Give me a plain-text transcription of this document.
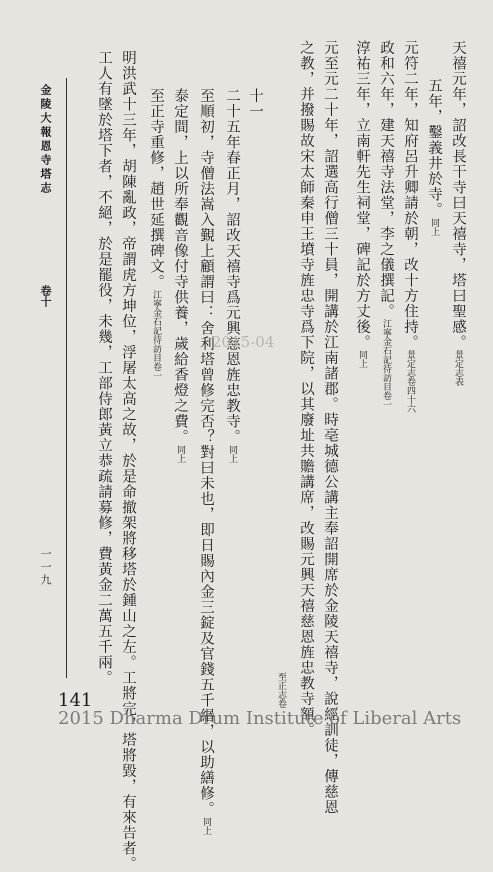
天禧元年，詔改長干寺曰天禧寺，塔曰聖感。景定志表
五年，鑿義井於寺。同上
元符二年，知府呂升卿請於朝，改十方住持。景定志卷四十六
政和六年，建天禧寺法堂，李之儀撰記。江寧金石記待訪目卷一
淳祐三年，立南軒先生祠堂，碑記於方丈後。同上
元至元二十年，詔選高行僧三十員，開講於江南諸郡。時亳城德公講主奉詔開席於金陵天禧寺，說經訓徒，傳慈恩
之教，并撥賜故宋太師秦申王墳寺旌忠寺爲下院，以其廢址共贍講席，改賜元興天禧慈恩旌忠教寺額。
至正志卷
十一
二十五年春正月，詔改天禧寺爲元興慈恩旌忠教寺。同上
至順初，寺僧法嵩入覲上顧謂曰：舍利塔曾修完否？對曰未也，即日賜內金三錠及官錢五千緡，以助繕修。同上
泰定間，上以所奉觀音像付寺供養，歲給香燈之費。同上
至正寺重修，趙世延撰碑文。江寧金石記待訪目卷一
明洪武十三年，胡陳亂政，帝謂虎方坤位，浮屠太高之故，於是命撤架將移塔於鍾山之左。工將完，塔將毀，有來告者。
工人有墜於塔下者，不絕，於是罷役，未幾，工部侍郎黃立恭疏請募修，費黃金二萬五千兩。
金陵大報恩寺塔志
卷十
一一九
2015-04
141
2015 Dharma Drum Institute of Liberal Arts
